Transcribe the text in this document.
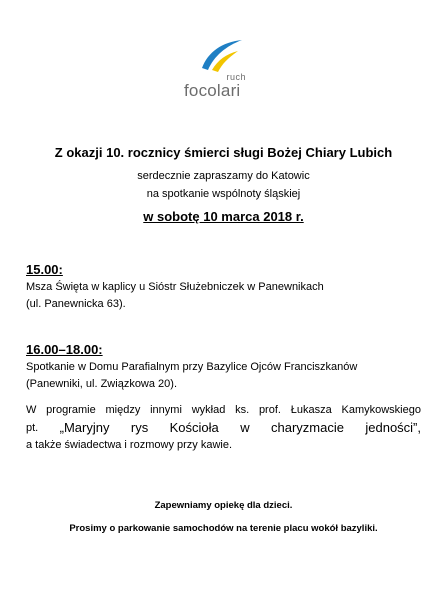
ruch
focolari
Z okazji 10. rocznicy śmierci sługi Bożej Chiary Lubich
serdecznie zapraszamy do Katowic
na spotkanie wspólnoty śląskiej
w sobotę 10 marca 2018 r.
15.00:
Msza Święta w kaplicy u Sióstr Służebniczek w Panewnikach
(ul. Panewnicka 63).
16.00–18.00:
Spotkanie w Domu Parafialnym przy Bazylice Ojców Franciszkanów
(Panewniki, ul. Związkowa 20).
W programie między innymi wykład ks. prof. Łukasza Kamykowskiego
pt. „Maryjny rys Kościoła w charyzmacie jedności”,
a także świadectwa i rozmowy przy kawie.
Zapewniamy opiekę dla dzieci.
Prosimy o parkowanie samochodów na terenie placu wokół bazyliki.
